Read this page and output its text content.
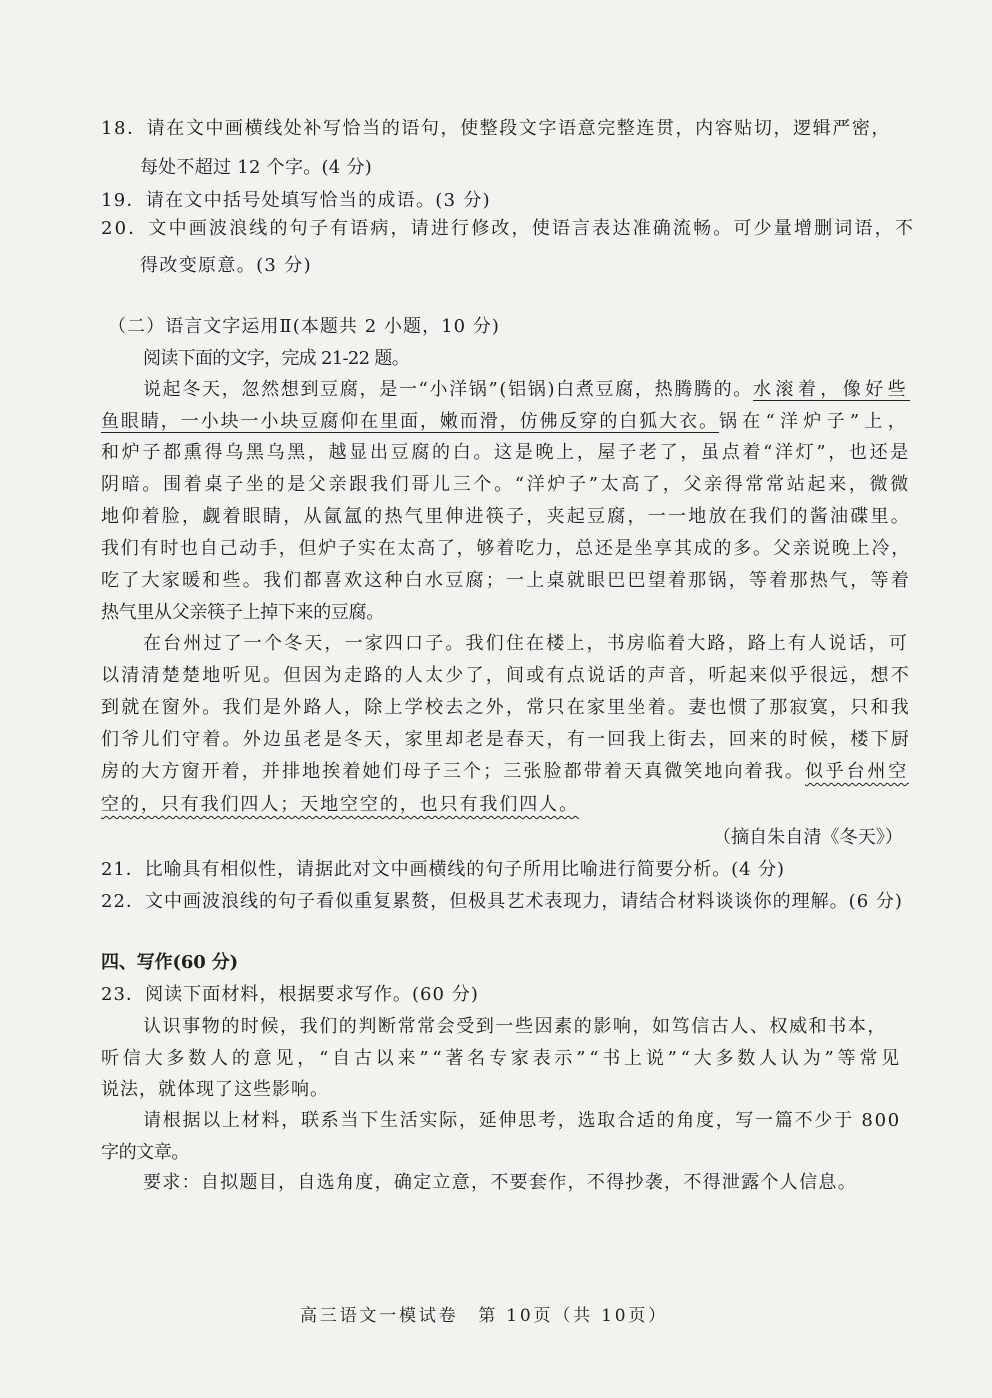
18．请在文中画横线处补写恰当的语句，使整段文字语意完整连贯，内容贴切，逻辑严密，
每处不超过 12 个字。(4 分)
19．请在文中括号处填写恰当的成语。(3 分)
20．文中画波浪线的句子有语病，请进行修改，使语言表达准确流畅。可少量增删词语，不
得改变原意。(3 分)
（二）语言文字运用Ⅱ(本题共 2 小题，10 分)
阅读下面的文字，完成 21-22 题。
说起冬天，忽然想到豆腐，是一“小洋锅”(铝锅)白煮豆腐，热腾腾的。水滚着，像好些
鱼眼睛，一小块一小块豆腐仰在里面，嫩而滑，仿佛反穿的白狐大衣。锅在“洋炉子”上，
和炉子都熏得乌黑乌黑，越显出豆腐的白。这是晚上，屋子老了，虽点着“洋灯”，也还是
阴暗。围着桌子坐的是父亲跟我们哥儿三个。“洋炉子”太高了，父亲得常常站起来，微微
地仰着脸，觑着眼睛，从氤氲的热气里伸进筷子，夹起豆腐，一一地放在我们的酱油碟里。
我们有时也自己动手，但炉子实在太高了，够着吃力，总还是坐享其成的多。父亲说晚上冷，
吃了大家暖和些。我们都喜欢这种白水豆腐；一上桌就眼巴巴望着那锅，等着那热气，等着
热气里从父亲筷子上掉下来的豆腐。
在台州过了一个冬天，一家四口子。我们住在楼上，书房临着大路，路上有人说话，可
以清清楚楚地听见。但因为走路的人太少了，间或有点说话的声音，听起来似乎很远，想不
到就在窗外。我们是外路人，除上学校去之外，常只在家里坐着。妻也惯了那寂寞，只和我
们爷儿们守着。外边虽老是冬天，家里却老是春天，有一回我上街去，回来的时候，楼下厨
房的大方窗开着，并排地挨着她们母子三个；三张脸都带着天真微笑地向着我。似乎台州空
空的，只有我们四人；天地空空的，也只有我们四人。
（摘自朱自清《冬天》）
21．比喻具有相似性，请据此对文中画横线的句子所用比喻进行简要分析。(4 分)
22．文中画波浪线的句子看似重复累赘，但极具艺术表现力，请结合材料谈谈你的理解。(6 分)
四、写作(60 分)
23．阅读下面材料，根据要求写作。(60 分)
认识事物的时候，我们的判断常常会受到一些因素的影响，如笃信古人、权威和书本，
听信大多数人的意见，“自古以来”“著名专家表示”“书上说”“大多数人认为”等常见
说法，就体现了这些影响。
请根据以上材料，联系当下生活实际，延伸思考，选取合适的角度，写一篇不少于 800
字的文章。
要求：自拟题目，自选角度，确定立意，不要套作，不得抄袭，不得泄露个人信息。
高三语文一模试卷　第 10页（共 10页）
